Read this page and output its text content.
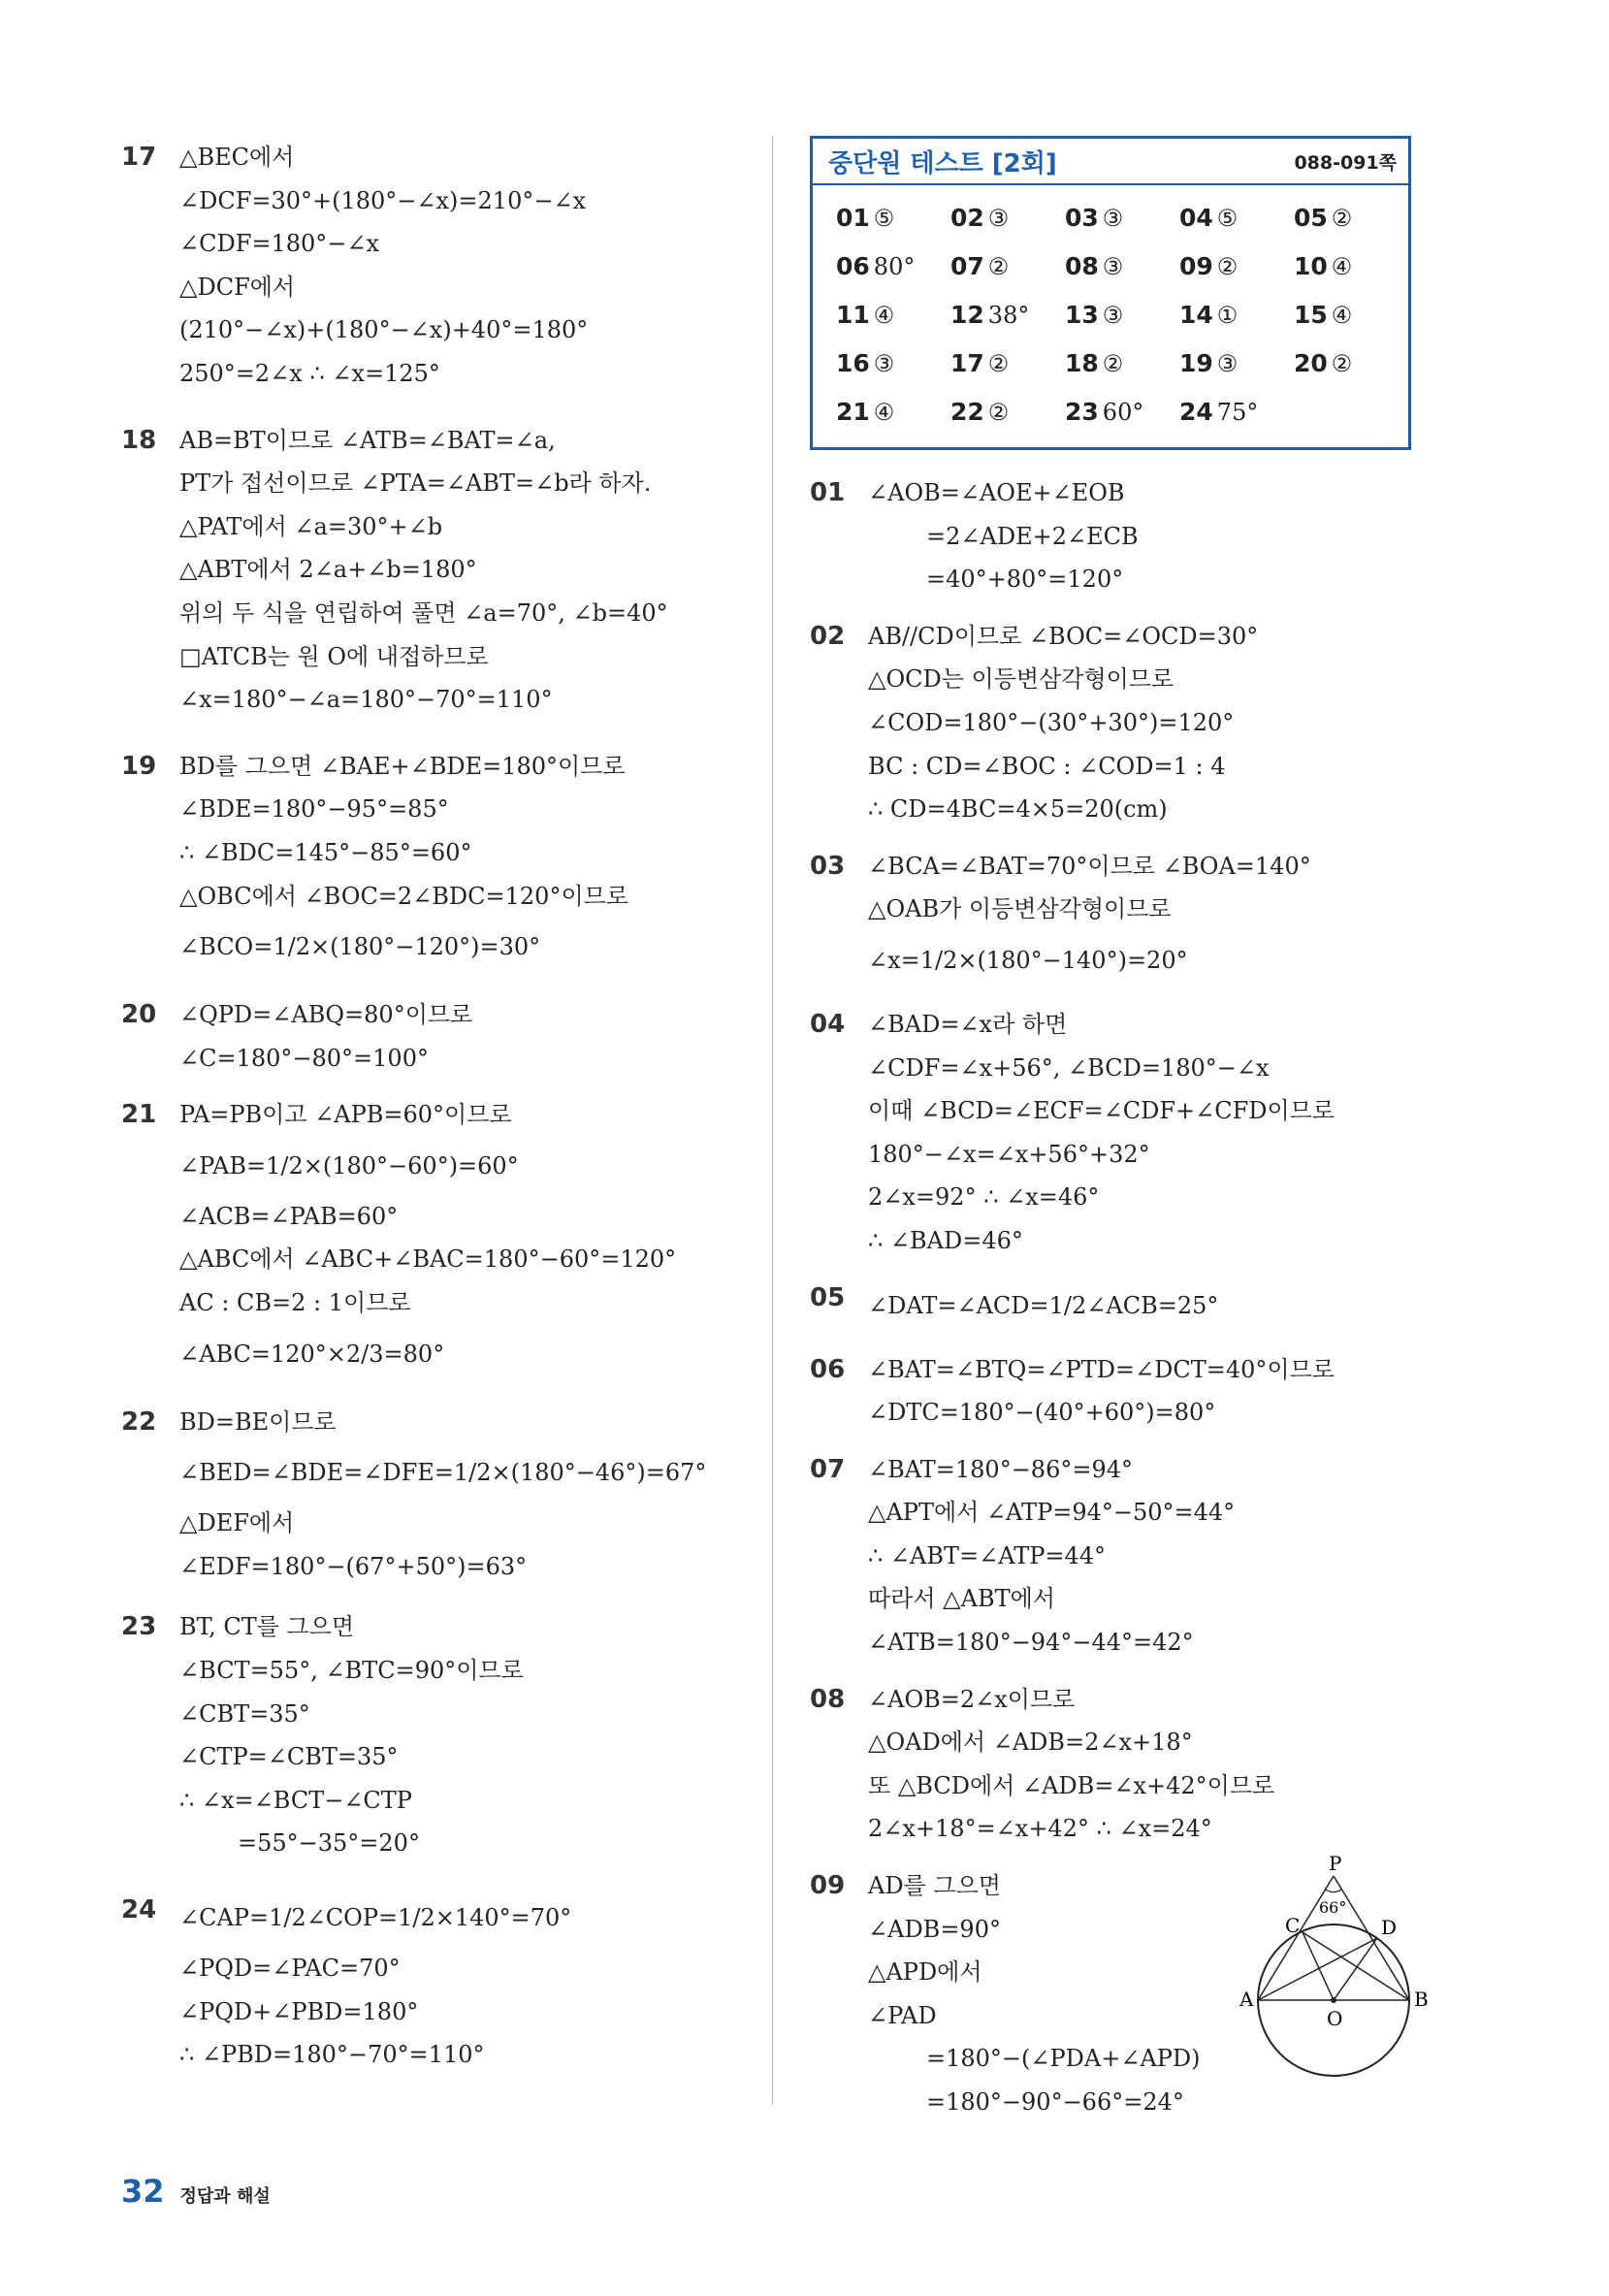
17 △BEC에서
∠DCF=30°+(180°−∠x)=210°−∠x
∠CDF=180°−∠x
△DCF에서
(210°−∠x)+(180°−∠x)+40°=180°
250°=2∠x ∴ ∠x=125°
18 AB=BT이므로 ∠ATB=∠BAT=∠a,
PT가 접선이므로 ∠PTA=∠ABT=∠b라 하자.
△PAT에서 ∠a=30°+∠b
△ABT에서 2∠a+∠b=180°
위의 두 식을 연립하여 풀면 ∠a=70°, ∠b=40°
□ATCB는 원 O에 내접하므로
∠x=180°−∠a=180°−70°=110°
19 BD를 그으면 ∠BAE+∠BDE=180°이므로
∠BDE=180°−95°=85°
∴ ∠BDC=145°−85°=60°
△OBC에서 ∠BOC=2∠BDC=120°이므로
∠BCO=1/2×(180°−120°)=30°
20 ∠QPD=∠ABQ=80°이므로
∠C=180°−80°=100°
21 PA=PB이고 ∠APB=60°이므로
∠PAB=1/2×(180°−60°)=60°
∠ACB=∠PAB=60°
△ABC에서 ∠ABC+∠BAC=180°−60°=120°
AC : CB=2 : 1이므로
∠ABC=120°×2/3=80°
22 BD=BE이므로
∠BED=∠BDE=∠DFE=1/2×(180°−46°)=67°
△DEF에서
∠EDF=180°−(67°+50°)=63°
23 BT, CT를 그으면
∠BCT=55°, ∠BTC=90°이므로
∠CBT=35°
∠CTP=∠CBT=35°
∴ ∠x=∠BCT−∠CTP
=55°−35°=20°
24 ∠CAP=1/2∠COP=1/2×140°=70°
∠PQD=∠PAC=70°
∠PQD+∠PBD=180°
∴ ∠PBD=180°−70°=110°
중단원 테스트 [2회]	088-091쪽
01 ⑤	02 ③	03 ③	04 ⑤	05 ②
06 80°	07 ②	08 ③	09 ②	10 ④
11 ④	12 38°	13 ③	14 ①	15 ④
16 ③	17 ②	18 ②	19 ③	20 ②
21 ④	22 ②	23 60°	24 75°
01 ∠AOB=∠AOE+∠EOB
=2∠ADE+2∠ECB
=40°+80°=120°
02 AB//CD이므로 ∠BOC=∠OCD=30°
△OCD는 이등변삼각형이므로
∠COD=180°−(30°+30°)=120°
BC : CD=∠BOC : ∠COD=1 : 4
∴ CD=4BC=4×5=20(cm)
03 ∠BCA=∠BAT=70°이므로 ∠BOA=140°
△OAB가 이등변삼각형이므로
∠x=1/2×(180°−140°)=20°
04 ∠BAD=∠x라 하면
∠CDF=∠x+56°, ∠BCD=180°−∠x
이때 ∠BCD=∠ECF=∠CDF+∠CFD이므로
180°−∠x=∠x+56°+32°
2∠x=92° ∴ ∠x=46°
∴ ∠BAD=46°
05 ∠DAT=∠ACD=1/2∠ACB=25°
06 ∠BAT=∠BTQ=∠PTD=∠DCT=40°이므로
∠DTC=180°−(40°+60°)=80°
07 ∠BAT=180°−86°=94°
△APT에서 ∠ATP=94°−50°=44°
∴ ∠ABT=∠ATP=44°
따라서 △ABT에서
∠ATB=180°−94°−44°=42°
08 ∠AOB=2∠x이므로
△OAD에서 ∠ADB=2∠x+18°
또 △BCD에서 ∠ADB=∠x+42°이므로
2∠x+18°=∠x+42° ∴ ∠x=24°
09 AD를 그으면
∠ADB=90°
△APD에서
∠PAD
=180°−(∠PDA+∠APD)
=180°−90°−66°=24°
P
C	D
A	B
O
66°
32 정답과 해설
